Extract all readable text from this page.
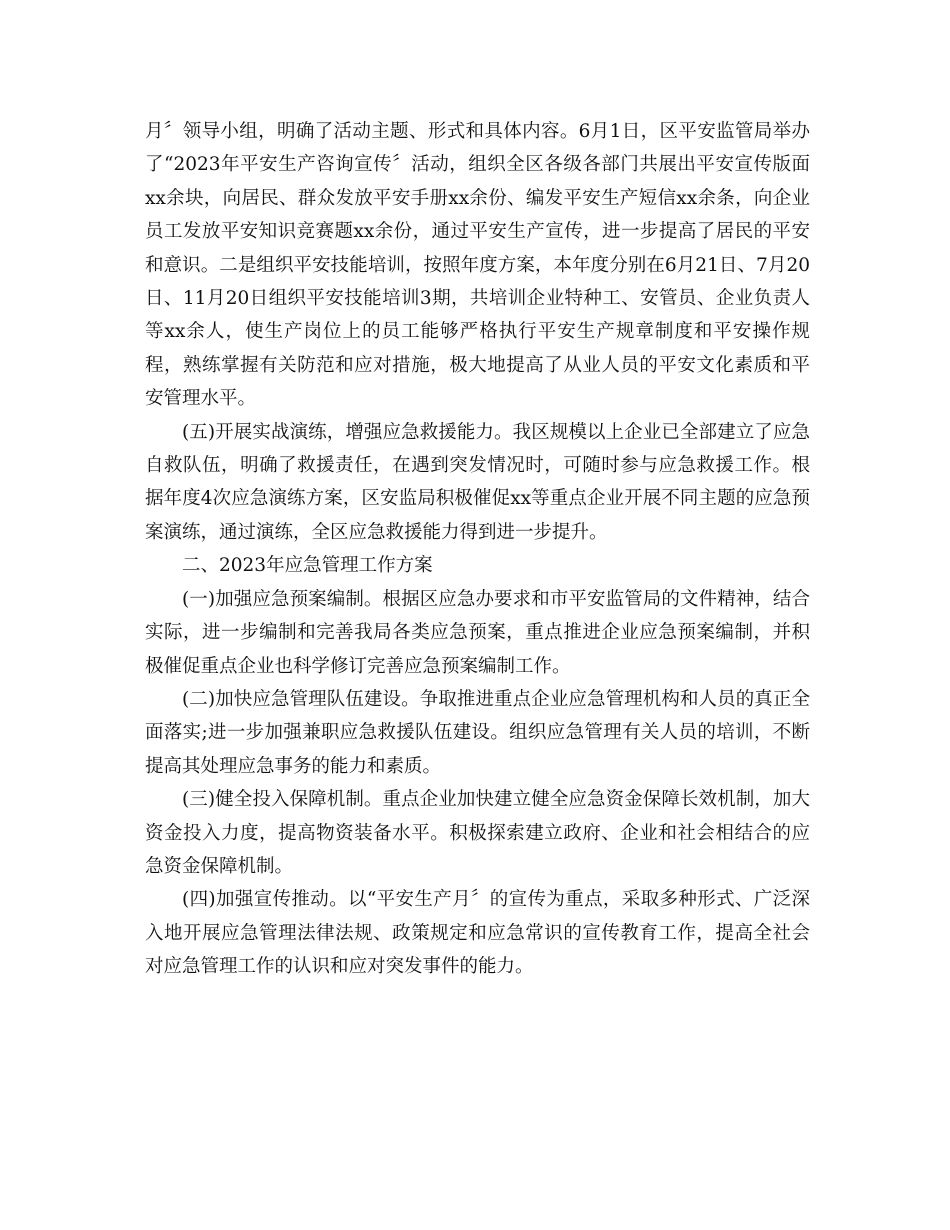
月〞领导小组，明确了活动主题、形式和具体内容。6月1日，区平安监管局举办了“2023年平安生产咨询宣传〞活动，组织全区各级各部门共展出平安宣传版面xx余块，向居民、群众发放平安手册xx余份、编发平安生产短信xx余条，向企业员工发放平安知识竞赛题xx余份，通过平安生产宣传，进一步提高了居民的平安和意识。二是组织平安技能培训，按照年度方案，本年度分别在6月21日、7月20日、11月20日组织平安技能培训3期，共培训企业特种工、安管员、企业负责人等xx余人，使生产岗位上的员工能够严格执行平安生产规章制度和平安操作规程，熟练掌握有关防范和应对措施，极大地提高了从业人员的平安文化素质和平安管理水平。

(五)开展实战演练，增强应急救援能力。我区规模以上企业已全部建立了应急自救队伍，明确了救援责任，在遇到突发情况时，可随时参与应急救援工作。根据年度4次应急演练方案，区安监局积极催促xx等重点企业开展不同主题的应急预案演练，通过演练，全区应急救援能力得到进一步提升。

二、2023年应急管理工作方案

(一)加强应急预案编制。根据区应急办要求和市平安监管局的文件精神，结合实际，进一步编制和完善我局各类应急预案，重点推进企业应急预案编制，并积极催促重点企业也科学修订完善应急预案编制工作。

(二)加快应急管理队伍建设。争取推进重点企业应急管理机构和人员的真正全面落实;进一步加强兼职应急救援队伍建设。组织应急管理有关人员的培训，不断提高其处理应急事务的能力和素质。

(三)健全投入保障机制。重点企业加快建立健全应急资金保障长效机制，加大资金投入力度，提高物资装备水平。积极探索建立政府、企业和社会相结合的应急资金保障机制。

(四)加强宣传推动。以“平安生产月〞的宣传为重点，采取多种形式、广泛深入地开展应急管理法律法规、政策规定和应急常识的宣传教育工作，提高全社会对应急管理工作的认识和应对突发事件的能力。
